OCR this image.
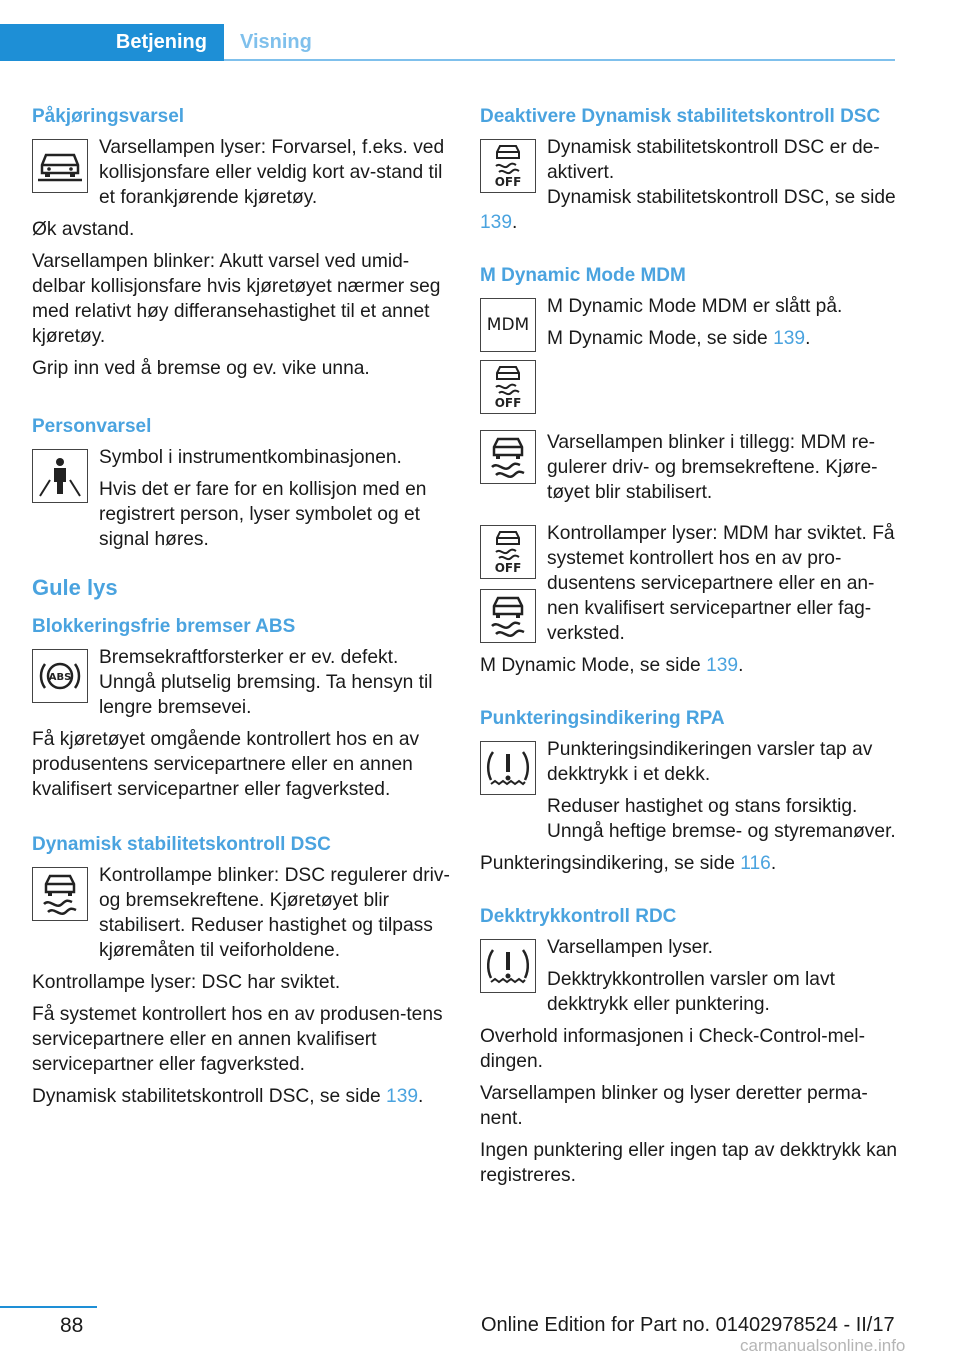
Betjening	Visning
Påkjøringsvarsel

Varsellampen lyser: Forvarsel, f.eks. ved kollisjonsfare eller veldig kort av-stand til et forankjørende kjøretøy.

Øk avstand.

Varsellampen blinker: Akutt varsel ved umid-delbar kollisjonsfare hvis kjøretøyet nærmer seg med relativt høy differansehastighet til et annet kjøretøy.

Grip inn ved å bremse og ev. vike unna.

Personvarsel

Symbol i instrumentkombinasjonen.

Hvis det er fare for en kollisjon med en registrert person, lyser symbolet og et signal høres.

Gule lys
Blokkeringsfrie bremser ABS
ABS

Bremsekraftforsterker er ev. defekt. Unngå plutselig bremsing. Ta hensyn til lengre bremsevei.

Få kjøretøyet omgående kontrollert hos en av produsentens servicepartnere eller en annen kvalifisert servicepartner eller fagverksted.

Dynamisk stabilitetskontroll DSC

Kontrollampe blinker: DSC regulerer driv- og bremsekreftene. Kjøretøyet blir stabilisert. Reduser hastighet og tilpass kjøremåten til veiforholdene.

Kontrollampe lyser: DSC har sviktet.

Få systemet kontrollert hos en av produsen-tens servicepartnere eller en annen kvalifisert servicepartner eller fagverksted.

Dynamisk stabilitetskontroll DSC, se side 139.

Deaktivere Dynamisk stabilitetskontroll DSC
OFF

Dynamisk stabilitetskontroll DSC er de-aktivert.

Dynamisk stabilitetskontroll DSC, se side 139.

M Dynamic Mode MDM
MDM

M Dynamic Mode MDM er slått på.

M Dynamic Mode, se side 139.

OFF

Varsellampen blinker i tillegg: MDM re-gulerer driv- og bremsekreftene. Kjøre-tøyet blir stabilisert.

OFF

Kontrollamper lyser: MDM har sviktet. Få systemet kontrollert hos en av pro-dusentens servicepartnere eller en an-nen kvalifisert servicepartner eller fag-verksted.

M Dynamic Mode, se side 139.

Punkteringsindikering RPA

Punkteringsindikeringen varsler tap av dekktrykk i et dekk.

Reduser hastighet og stans forsiktig. Unngå heftige bremse- og styremanøver.

Punkteringsindikering, se side 116.

Dekktrykkontroll RDC

Varsellampen lyser.

Dekktrykkontrollen varsler om lavt dekktrykk eller punktering.

Overhold informasjonen i Check-Control-mel-dingen.

Varsellampen blinker og lyser deretter perma-nent.

Ingen punktering eller ingen tap av dekktrykk kan registreres.

88	Online Edition for Part no. 01402978524 - II/17
carmanualsonline.info
